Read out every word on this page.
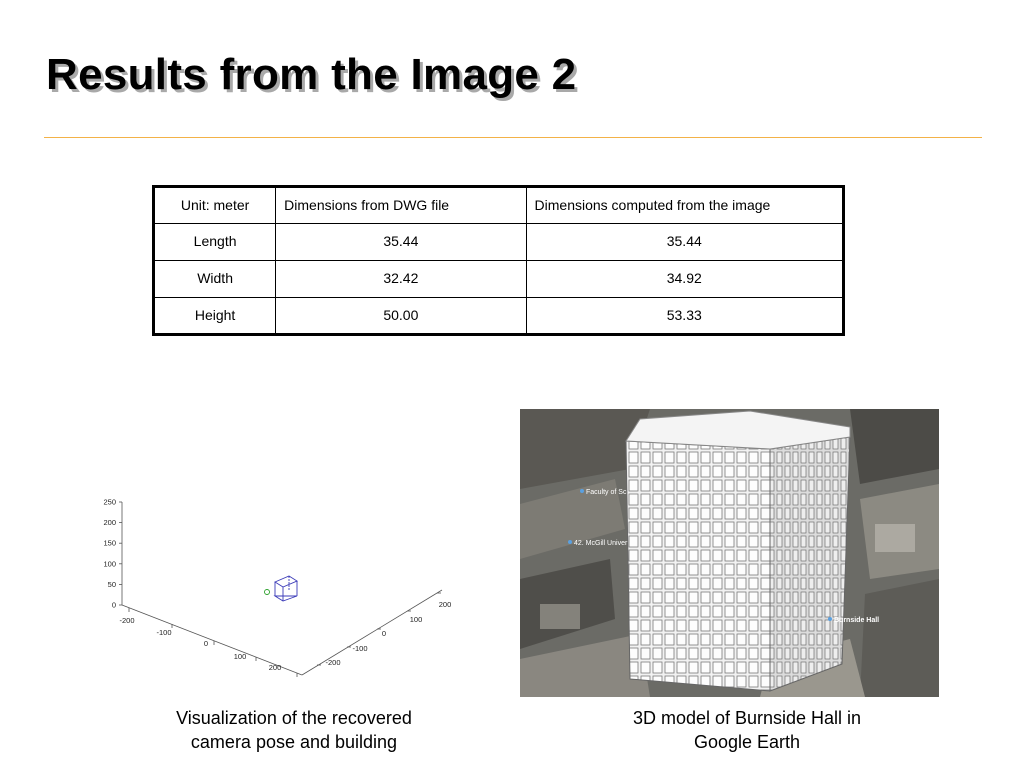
Results from the Image 2
Unit: meter	Dimensions from DWG file	Dimensions computed from the image
Length	35.44	35.44
Width	32.42	34.92
Height	50.00	53.33
250
200
150
100
50
0
-200
-100
0
100
200
200
100
0
-100
-200
Faculty of Sc
42. McGill Univer
Burnside Hall
Visualization of the recovered
camera pose and building
3D model of Burnside Hall in
Google Earth
